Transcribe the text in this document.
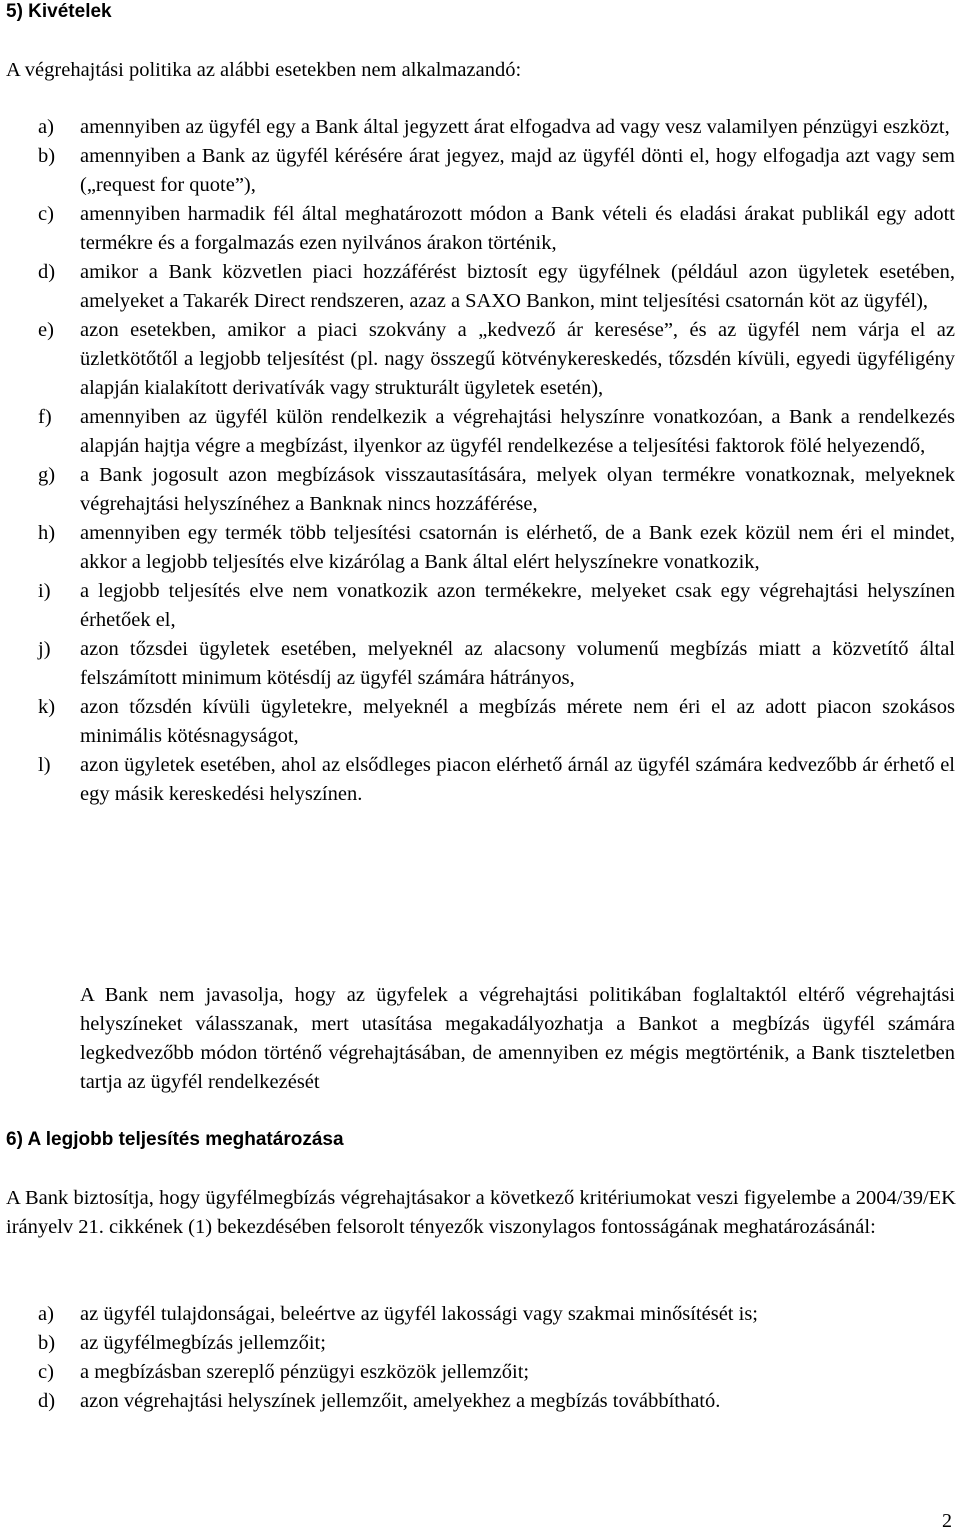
5) Kivételek

A végrehajtási politika az alábbi esetekben nem alkalmazandó:

a) amennyiben az ügyfél egy a Bank által jegyzett árat elfogadva ad vagy vesz valamilyen pénzügyi eszközt,
b) amennyiben a Bank az ügyfél kérésére árat jegyez, majd az ügyfél dönti el, hogy elfogadja azt vagy sem („request for quote”),
c) amennyiben harmadik fél által meghatározott módon a Bank vételi és eladási árakat publikál egy adott termékre és a forgalmazás ezen nyilvános árakon történik,
d) amikor a Bank közvetlen piaci hozzáférést biztosít egy ügyfélnek (például azon ügyletek esetében, amelyeket a Takarék Direct rendszeren, azaz a SAXO Bankon, mint teljesítési csatornán köt az ügyfél),
e) azon esetekben, amikor a piaci szokvány a „kedvező ár keresése”, és az ügyfél nem várja el az üzletkötőtől a legjobb teljesítést (pl. nagy összegű kötvénykereskedés, tőzsdén kívüli, egyedi ügyféligény alapján kialakított derivatívák vagy strukturált ügyletek esetén),
f) amennyiben az ügyfél külön rendelkezik a végrehajtási helyszínre vonatkozóan, a Bank a rendelkezés alapján hajtja végre a megbízást, ilyenkor az ügyfél rendelkezése a teljesítési faktorok fölé helyezendő,
g) a Bank jogosult azon megbízások visszautasítására, melyek olyan termékre vonatkoznak, melyeknek végrehajtási helyszínéhez a Banknak nincs hozzáférése,
h) amennyiben egy termék több teljesítési csatornán is elérhető, de a Bank ezek közül nem éri el mindet, akkor a legjobb teljesítés elve kizárólag a Bank által elért helyszínekre vonatkozik,
i) a legjobb teljesítés elve nem vonatkozik azon termékekre, melyeket csak egy végrehajtási helyszínen érhetőek el,
j) azon tőzsdei ügyletek esetében, melyeknél az alacsony volumenű megbízás miatt a közvetítő által felszámított minimum kötésdíj az ügyfél számára hátrányos,
k) azon tőzsdén kívüli ügyletekre, melyeknél a megbízás mérete nem éri el az adott piacon szokásos minimális kötésnagyságot,
l) azon ügyletek esetében, ahol az elsődleges piacon elérhető árnál az ügyfél számára kedvezőbb ár érhető el egy másik kereskedési helyszínen.

A Bank nem javasolja, hogy az ügyfelek a végrehajtási politikában foglaltaktól eltérő végrehajtási helyszíneket válasszanak, mert utasítása megakadályozhatja a Bankot a megbízás ügyfél számára legkedvezőbb módon történő végrehajtásában, de amennyiben ez mégis megtörténik, a Bank tiszteletben tartja az ügyfél rendelkezését

6) A legjobb teljesítés meghatározása

A Bank biztosítja, hogy ügyfélmegbízás végrehajtásakor a következő kritériumokat veszi figyelembe a 2004/39/EK irányelv 21. cikkének (1) bekezdésében felsorolt tényezők viszonylagos fontosságának meghatározásánál:

a) az ügyfél tulajdonságai, beleértve az ügyfél lakossági vagy szakmai minősítését is;
b) az ügyfélmegbízás jellemzőit;
c) a megbízásban szereplő pénzügyi eszközök jellemzőit;
d) azon végrehajtási helyszínek jellemzőit, amelyekhez a megbízás továbbítható.
2
